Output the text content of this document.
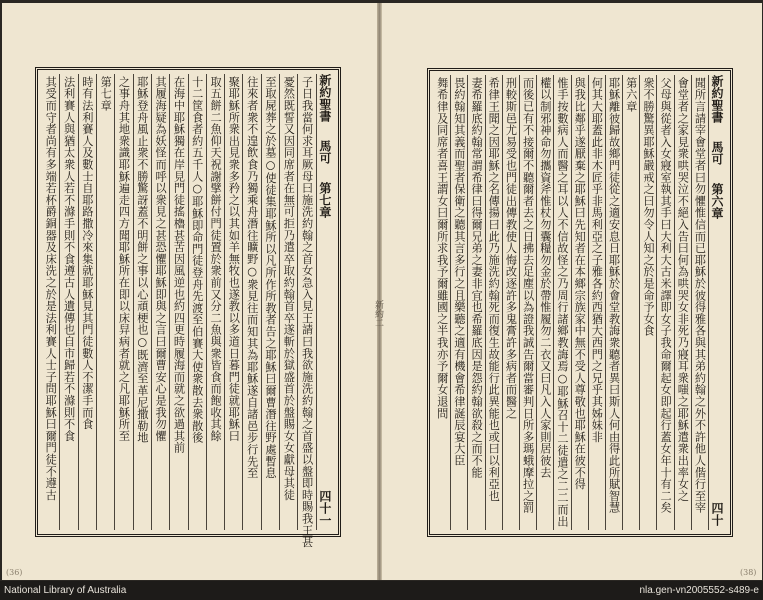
新約聖書
馬可
第七章
四十一
子日我當何求耳厥母曰施洗約翰之首女急入見王請曰我欲施洗約翰之首盛以盤即時賜我王甚
憂然既誓又因同席者在無可拒乃遣卒取約翰首卒遂斬於獄盛首於盤賜女女獻母其徒
至取屍葬之於墓○使徒集耶穌所以凡所作所教者告之耶穌曰爾曹潛往野處暫息
往來者衆不遑飲食乃獨乘舟潛往曠野○衆見往而知其為耶穌遂自諸邑步行先至
聚耶穌所衆出見衆多矜之以其如羊無牧也遂教以多道日暮門徒就耶穌曰
取五餅二魚仰天祝謝擘餅付門徒置於衆前又分二魚與衆皆食而飽收其餘
十二筐食者約五千人○耶穌即命門徒登舟先渡至伯賽大使衆散去衆散後
在海中耶穌獨在岸見門徒搖櫓甚苦因風逆也約四更時履海而就之欲過其前
其履海疑為妖怪而呼以衆見之甚恐懼耶穌即與之言曰爾曹安心是我勿懼
耶穌登舟風止衆不勝驚訝蓋不明餅之事以心頑梗也○既濟至革尼撒勒地
之事舟其地衆識耶穌遍走四方聞耶穌所在即以床舁病者就之凡耶穌所至
第七章
時有法利賽人及數士自耶路撒冷來集就耶穌見其門徒數人不潔手而食
法利賽人與猶太衆人若不滌手則不食遵古人遺傳也自市歸若不滌則不食
其受而守者尚有多端若杯爵銅器及床洗之於是法利賽人士子問耶穌曰爾門徒不遵古	新約聖書
馬可
第六章
四十
聞所言請宰會堂者曰勿懼惟信而已耶穌於彼得雅各與其弟約翰之外不許他人偕行至宰
會堂者之家見衆哄哭泣不絕入告曰何為哄哭女非死乃寢耳衆嗤之耶穌遣衆出率女之
父母與從者入女寢室執其手曰大利大古米譯即女子我命爾起女即起行蓋女年十有二矣
衆不勝驚異耶穌嚴戒之曰勿令人知之於是命予女食
第六章
耶穌離彼歸故鄉門徒從之適安息日耶穌於會堂教誨衆聽者異曰斯人何由得此所賦智慧
何其大耶蓋此非木匠乎非馬利亞之子雅各約西猶大西門之兄乎其姊妹非
與我比鄰乎遂厭棄之耶穌曰先知者在本鄉宗族家中無不受人尊敬也耶穌在彼不得
惟手按數病人而醫之耳以人不信故怪之乃周行諸鄉教誨焉○耶穌召十二徒遣之二二而出
權以制邪神命勿攜資斧惟杖勿囊糧勿金於帶惟履勿二衣又曰凡入人家則居彼去
而後已有不接爾不聽爾者去之日拂去足塵以為證我誠告爾當審判日所多瑪蛾摩拉之罰
刑較斯邑尤易受也門徒出傳教使人悔改逐許多鬼膏許多病者而醫之
希律王聞之因耶穌之名傳揚曰此乃施洗約翰死而復生故能行此異能也或曰以利亞也
妻希羅底約翰常謂希律曰得爾兄弟之妻非宜也希羅底因是怨約翰欲殺之而不能
畏約翰知其義而聖者保衛之聽其言多行之且樂聽之適有機會希律誕辰宴大臣
舞希律及同席者喜王謂女曰爾所求我予爾雖國之半我亦予爾女退問
新約二
(36)	(38)
National Library of Australia	nla.gen-vn2005552-s489-e
